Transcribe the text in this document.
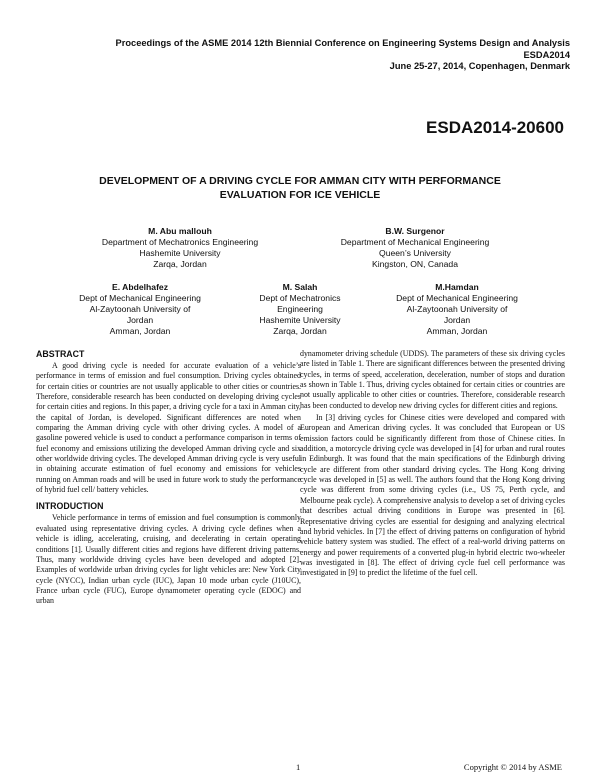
Proceedings of the ASME 2014 12th Biennial Conference on Engineering Systems Design and Analysis
ESDA2014
June 25-27, 2014, Copenhagen, Denmark
ESDA2014-20600
DEVELOPMENT OF A DRIVING CYCLE FOR AMMAN CITY WITH PERFORMANCE
EVALUATION FOR ICE VEHICLE
M. Abu mallouh
Department of Mechatronics Engineering
Hashemite University
Zarqa, Jordan
B.W. Surgenor
Department of Mechanical Engineering
Queen’s University
Kingston, ON, Canada
E. Abdelhafez
Dept of Mechanical Engineering
Al-Zaytoonah University of
Jordan
Amman, Jordan
M. Salah
Dept of Mechatronics
Engineering
Hashemite University
Zarqa, Jordan
M.Hamdan
Dept of Mechanical Engineering
Al-Zaytoonah University of
Jordan
Amman, Jordan
ABSTRACT

A good driving cycle is needed for accurate evaluation of a vehicle’s performance in terms of emission and fuel consumption. Driving cycles obtained for certain cities or countries are not usually applicable to other cities or countries. Therefore, considerable research has been conducted on developing driving cycles for certain cities and regions. In this paper, a driving cycle for a taxi in Amman city, the capital of Jordan, is developed. Significant differences are noted when comparing the Amman driving cycle with other driving cycles. A model of a gasoline powered vehicle is used to conduct a performance comparison in terms of fuel economy and emissions utilizing the developed Amman driving cycle and six other worldwide driving cycles. The developed Amman driving cycle is very useful in obtaining accurate estimation of fuel economy and emissions for vehicles running on Amman roads and will be used in future work to study the performance of hybrid fuel cell/ battery vehicles.

INTRODUCTION

Vehicle performance in terms of emission and fuel consumption is commonly evaluated using representative driving cycles. A driving cycle defines when a vehicle is idling, accelerating, cruising, and decelerating in certain operating conditions [1]. Usually different cities and regions have different driving patterns. Thus, many worldwide driving cycles have been developed and adopted [2]. Examples of worldwide urban driving cycles for light vehicles are: New York City cycle (NYCC), Indian urban cycle (IUC), Japan 10 mode urban cycle (J10UC), France urban cycle (FUC), Europe dynamometer operating cycle (EDOC) and urban

dynamometer driving schedule (UDDS). The parameters of these six driving cycles are listed in Table 1. There are significant differences between the presented driving cycles, in terms of speed, acceleration, deceleration, number of stops and duration as shown in Table 1. Thus, driving cycles obtained for certain cities or countries are not usually applicable to other cities or countries. Therefore, considerable research has been conducted to develop new driving cycles for different cities and regions.

In [3] driving cycles for Chinese cities were developed and compared with European and American driving cycles. It was concluded that European or US emission factors could be significantly different from those of Chinese cities. In addition, a motorcycle driving cycle was developed in [4] for urban and rural routes in Edinburgh. It was found that the main specifications of the Edinburgh driving cycle are different from other standard driving cycles. The Hong Kong driving cycle was developed in [5] as well. The authors found that the Hong Kong driving cycle was different from some driving cycles (i.e., US 75, Perth cycle, and Melbourne peak cycle). A comprehensive analysis to develop a set of driving cycles that describes actual driving conditions in Europe was presented in [6]. Representative driving cycles are essential for designing and analyzing electrical and hybrid vehicles. In [7] the effect of driving patterns on configuration of hybrid vehicle battery system was studied. The effect of a real-world driving patterns on energy and power requirements of a converted plug-in hybrid electric two-wheeler was investigated in [8]. The effect of driving cycle fuel cell performance was investigated in [9] to predict the lifetime of the fuel cell.

1	Copyright © 2014 by ASME
